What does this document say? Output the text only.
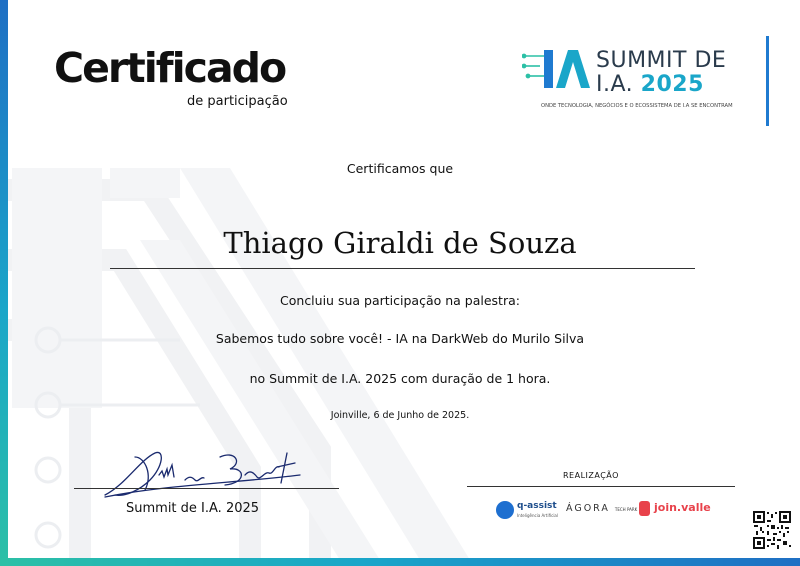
Certificado
de participação
SUMMIT DE
I.A. 2025
ONDE TECNOLOGIA, NEGÓCIOS E O ECOSSISTEMA DE I.A SE ENCONTRAM
Certificamos que
Thiago Giraldi de Souza
Concluiu sua participação na palestra:
Sabemos tudo sobre você! - IA na DarkWeb do Murilo Silva
no Summit de I.A. 2025 com duração de 1 hora.
Joinville, 6 de Junho de 2025.
Summit de I.A. 2025
REALIZAÇÃO
q-assist
Inteligência Artificial
ÁGORA TECH PARK join.valle
